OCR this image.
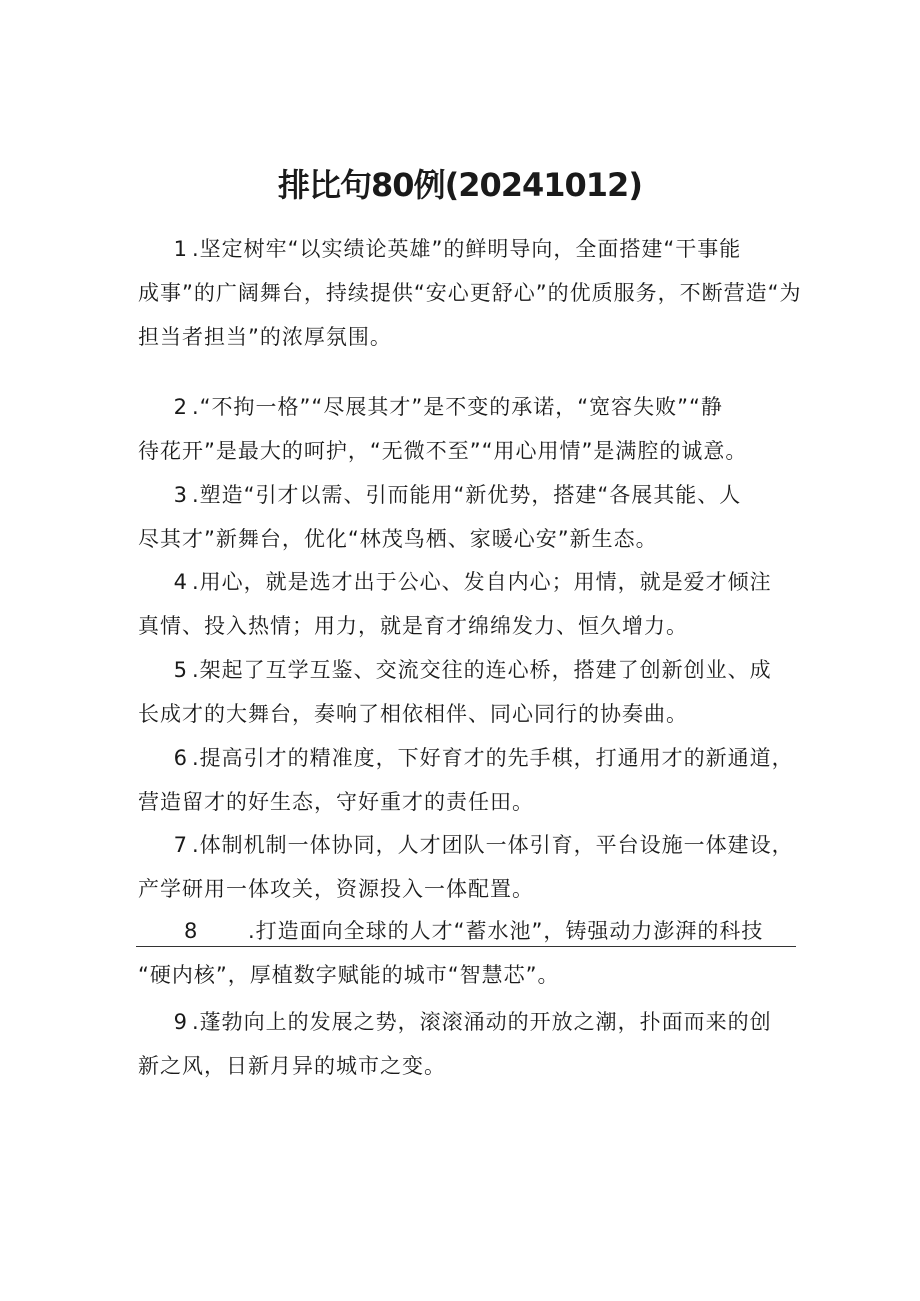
排比句80例(20241012)
1 .坚定树牢“以实绩论英雄”的鲜明导向，全面搭建“干事能
成事”的广阔舞台，持续提供“安心更舒心”的优质服务，不断营造“为
担当者担当”的浓厚氛围。
2 .“不拘一格”“尽展其才”是不变的承诺，“宽容失败”“静
待花开”是最大的呵护，“无微不至”“用心用情”是满腔的诚意。
3 .塑造“引才以需、引而能用“新优势，搭建“各展其能、人
尽其才”新舞台，优化“林茂鸟栖、家暖心安”新生态。
4 .用心，就是选才出于公心、发自内心；用情，就是爱才倾注
真情、投入热情；用力，就是育才绵绵发力、恒久增力。
5 .架起了互学互鉴、交流交往的连心桥，搭建了创新创业、成
长成才的大舞台，奏响了相依相伴、同心同行的协奏曲。
6 .提高引才的精准度，下好育才的先手棋，打通用才的新通道，
营造留才的好生态，守好重才的责任田。
7 .体制机制一体协同，人才团队一体引育，平台设施一体建设，
产学研用一体攻关，资源投入一体配置。
8 .打造面向全球的人才“蓄水池”，铸强动力澎湃的科技
“硬内核”，厚植数字赋能的城市“智慧芯”。
9 .蓬勃向上的发展之势，滚滚涌动的开放之潮，扑面而来的创
新之风，日新月异的城市之变。
